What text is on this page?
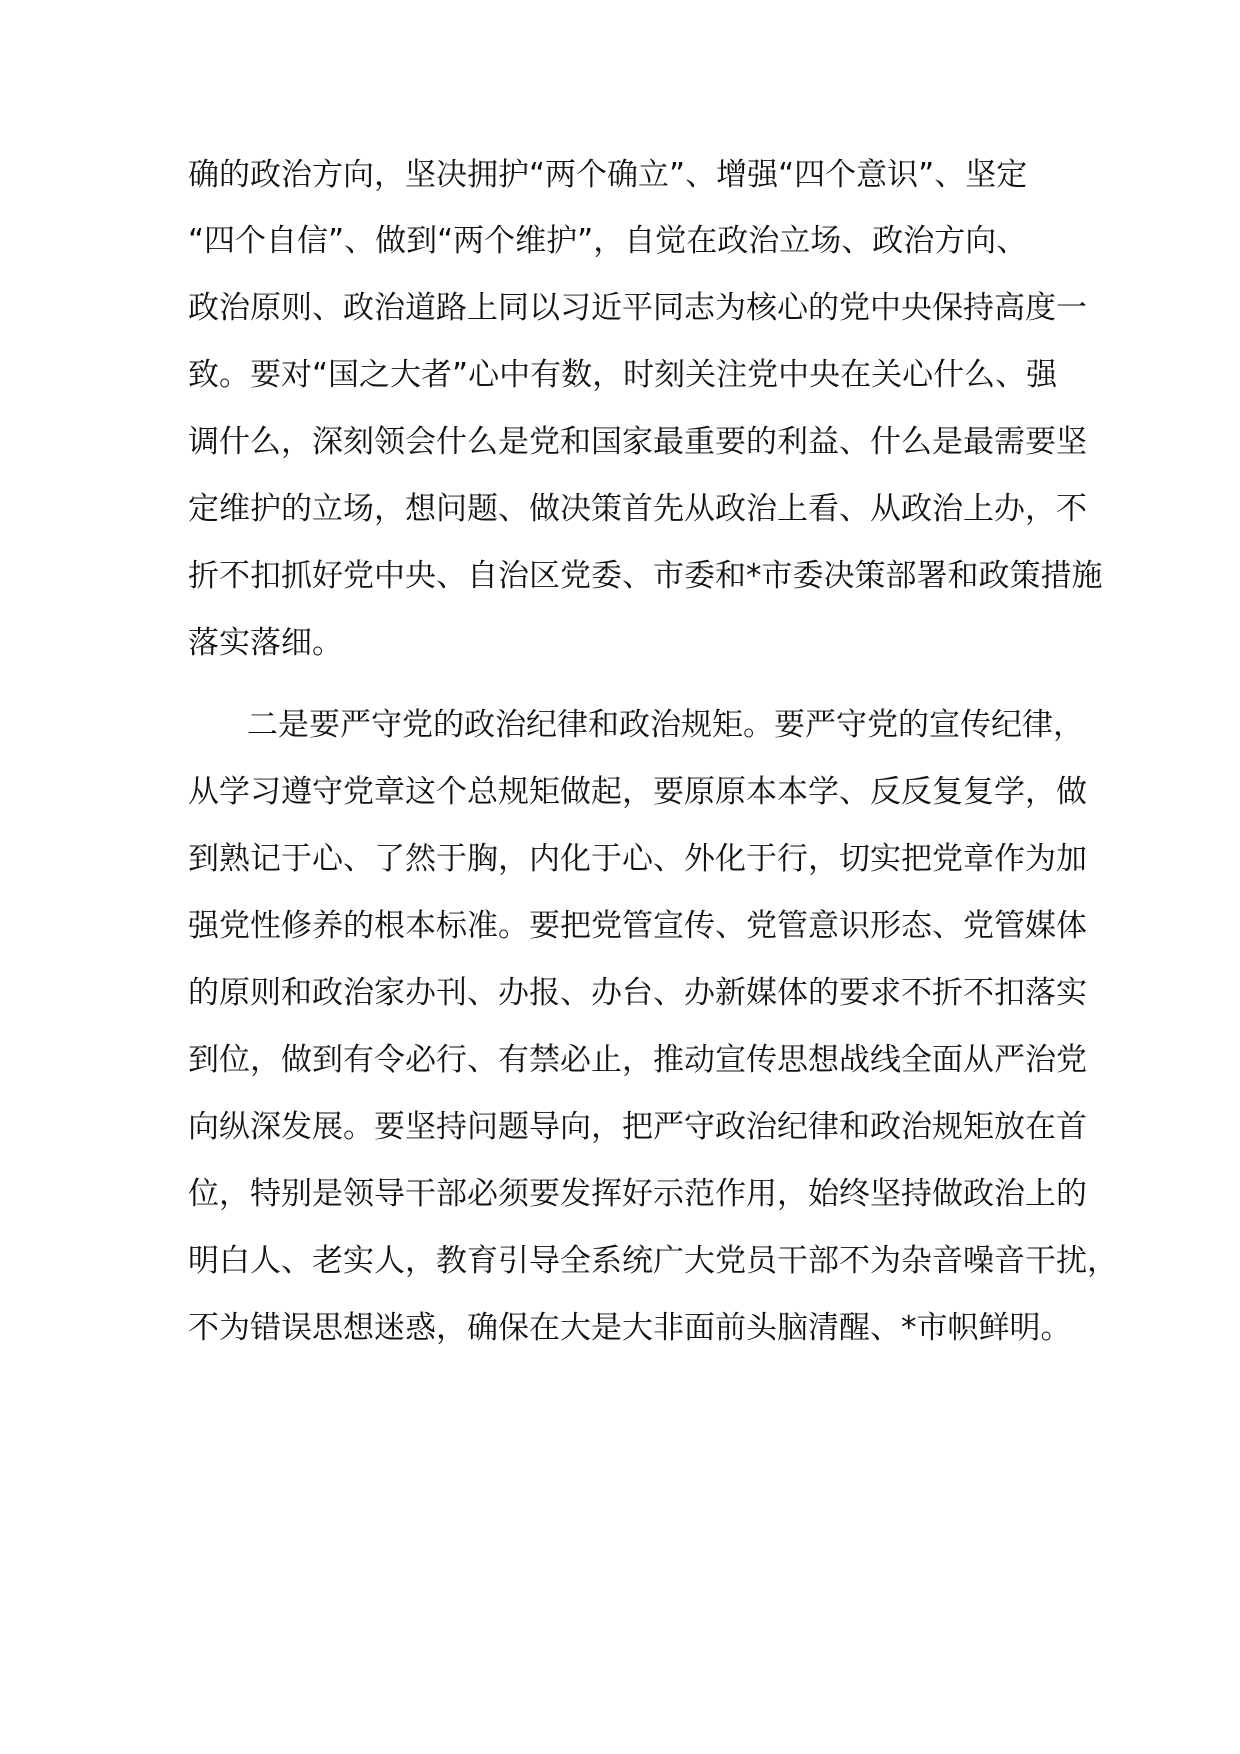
确的政治方向，坚决拥护“两个确立”、增强“四个意识”、坚定

“四个自信”、做到“两个维护”，自觉在政治立场、政治方向、

政治原则、政治道路上同以习近平同志为核心的党中央保持高度一

致。要对“国之大者”心中有数，时刻关注党中央在关心什么、强

调什么，深刻领会什么是党和国家最重要的利益、什么是最需要坚

定维护的立场，想问题、做决策首先从政治上看、从政治上办，不

折不扣抓好党中央、自治区党委、市委和*市委决策部署和政策措施

落实落细。

二是要严守党的政治纪律和政治规矩。要严守党的宣传纪律，

从学习遵守党章这个总规矩做起，要原原本本学、反反复复学，做

到熟记于心、了然于胸，内化于心、外化于行，切实把党章作为加

强党性修养的根本标准。要把党管宣传、党管意识形态、党管媒体

的原则和政治家办刊、办报、办台、办新媒体的要求不折不扣落实

到位，做到有令必行、有禁必止，推动宣传思想战线全面从严治党

向纵深发展。要坚持问题导向，把严守政治纪律和政治规矩放在首

位，特别是领导干部必须要发挥好示范作用，始终坚持做政治上的

明白人、老实人，教育引导全系统广大党员干部不为杂音噪音干扰，

不为错误思想迷惑，确保在大是大非面前头脑清醒、*市帜鲜明。
